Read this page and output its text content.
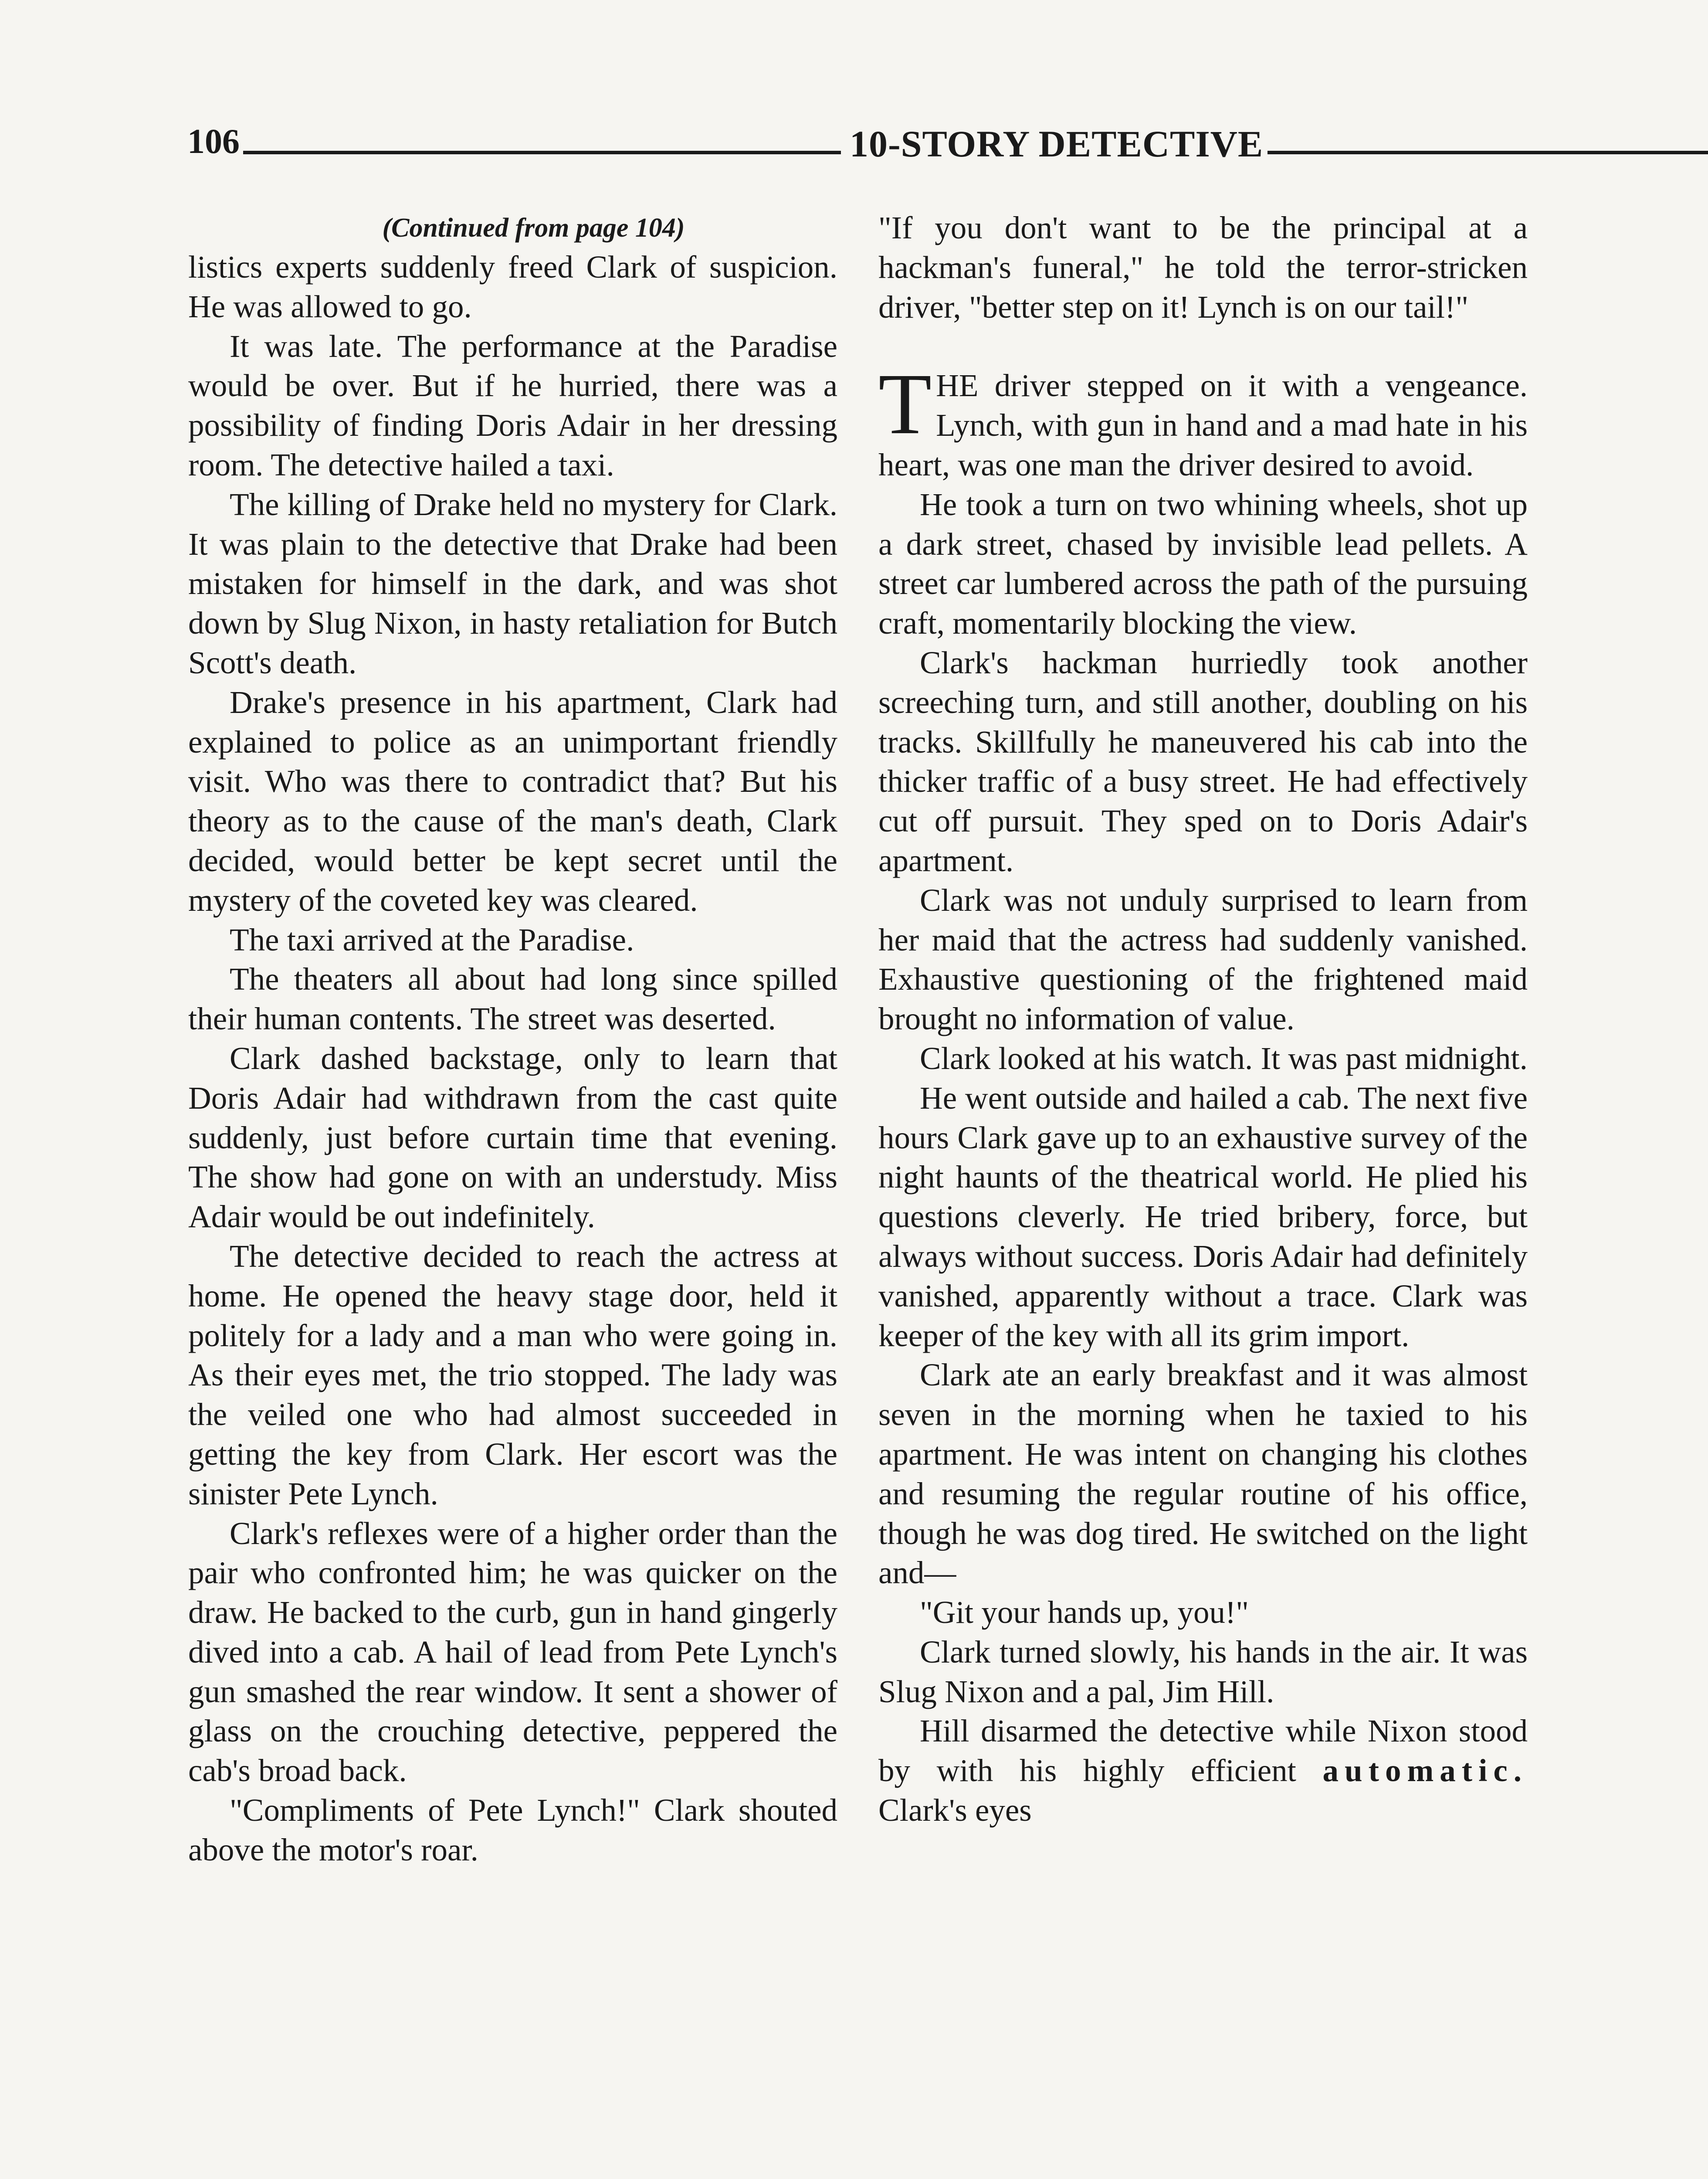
106	10-STORY DETECTIVE

(Continued from page 104)

listics experts suddenly freed Clark of suspicion. He was allowed to go.

It was late. The performance at the Paradise would be over. But if he hurried, there was a possibility of finding Doris Adair in her dressing room. The detective hailed a taxi.

The killing of Drake held no mystery for Clark. It was plain to the detective that Drake had been mistaken for himself in the dark, and was shot down by Slug Nixon, in hasty retaliation for Butch Scott's death.

Drake's presence in his apartment, Clark had explained to police as an unimportant friendly visit. Who was there to contradict that? But his theory as to the cause of the man's death, Clark decided, would better be kept secret until the mystery of the coveted key was cleared.

The taxi arrived at the Paradise.

The theaters all about had long since spilled their human contents. The street was deserted.

Clark dashed backstage, only to learn that Doris Adair had withdrawn from the cast quite suddenly, just before curtain time that evening. The show had gone on with an understudy. Miss Adair would be out indefinitely.

The detective decided to reach the actress at home. He opened the heavy stage door, held it politely for a lady and a man who were going in. As their eyes met, the trio stopped. The lady was the veiled one who had almost succeeded in getting the key from Clark. Her escort was the sinister Pete Lynch.

Clark's reflexes were of a higher order than the pair who confronted him; he was quicker on the draw. He backed to the curb, gun in hand gingerly dived into a cab. A hail of lead from Pete Lynch's gun smashed the rear window. It sent a shower of glass on the crouching detective, peppered the cab's broad back.

"Compliments of Pete Lynch!" Clark shouted above the motor's roar.

"If you don't want to be the principal at a hackman's funeral," he told the terror-stricken driver, "better step on it! Lynch is on our tail!"

THE driver stepped on it with a vengeance. Lynch, with gun in hand and a mad hate in his heart, was one man the driver desired to avoid.

He took a turn on two whining wheels, shot up a dark street, chased by invisible lead pellets. A street car lumbered across the path of the pursuing craft, momentarily blocking the view.

Clark's hackman hurriedly took another screeching turn, and still another, doubling on his tracks. Skillfully he maneuvered his cab into the thicker traffic of a busy street. He had effectively cut off pursuit. They sped on to Doris Adair's apartment.

Clark was not unduly surprised to learn from her maid that the actress had suddenly vanished. Exhaustive questioning of the frightened maid brought no information of value.

Clark looked at his watch. It was past midnight.

He went outside and hailed a cab. The next five hours Clark gave up to an exhaustive survey of the night haunts of the theatrical world. He plied his questions cleverly. He tried bribery, force, but always without success. Doris Adair had definitely vanished, apparently without a trace. Clark was keeper of the key with all its grim import.

Clark ate an early breakfast and it was almost seven in the morning when he taxied to his apartment. He was intent on changing his clothes and resuming the regular routine of his office, though he was dog tired. He switched on the light and—

"Git your hands up, you!"

Clark turned slowly, his hands in the air. It was Slug Nixon and a pal, Jim Hill.

Hill disarmed the detective while Nixon stood by with his highly efficient automatic. Clark's eyes
